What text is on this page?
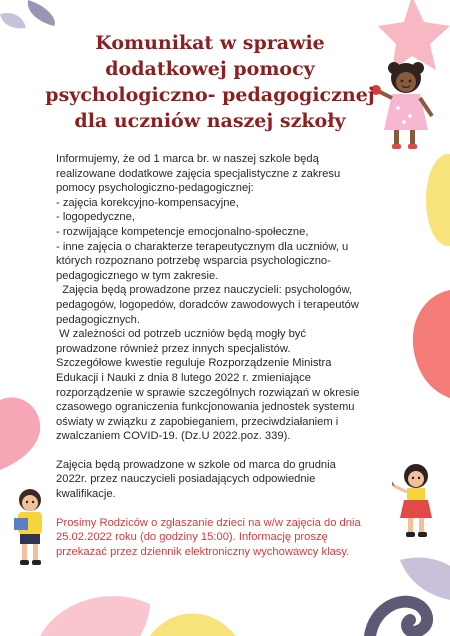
Komunikat w sprawie
dodatkowej pomocy
psychologiczno- pedagogicznej
dla uczniów naszej szkoły

Informujemy, że od 1 marca br. w naszej szkole będą

realizowane dodatkowe zajęcia specjalistyczne z zakresu

pomocy psychologiczno-pedagogicznej:

- zajęcia korekcyjno-kompensacyjne,

- logopedyczne,

- rozwijające kompetencje emocjonalno-społeczne,

- inne zajęcia o charakterze terapeutycznym dla uczniów, u

których rozpoznano potrzebę wsparcia psychologiczno-

pedagogicznego w tym zakresie.

Zajęcia będą prowadzone przez nauczycieli: psychologów,

pedagogów, logopedów, doradców zawodowych i terapeutów

pedagogicznych.

W zależności od potrzeb uczniów będą mogły być

prowadzone również przez innych specjalistów.

Szczegółowe kwestie reguluje Rozporządzenie Ministra

Edukacji i Nauki z dnia 8 lutego 2022 r. zmieniające

rozporządzenie w sprawie szczególnych rozwiązań w okresie

czasowego ograniczenia funkcjonowania jednostek systemu

oświaty w związku z zapobieganiem, przeciwdziałaniem i

zwalczaniem COVID-19. (Dz.U 2022.poz. 339).

Zajęcia będą prowadzone w szkole od marca do grudnia

2022r. przez nauczycieli posiadających odpowiednie

kwalifikacje.

Prosimy Rodziców o zgłaszanie dzieci na w/w zajęcia do dnia

25.02.2022 roku (do godziny 15:00). Informację proszę

przekazać przez dziennik elektroniczny wychowawcy klasy.
